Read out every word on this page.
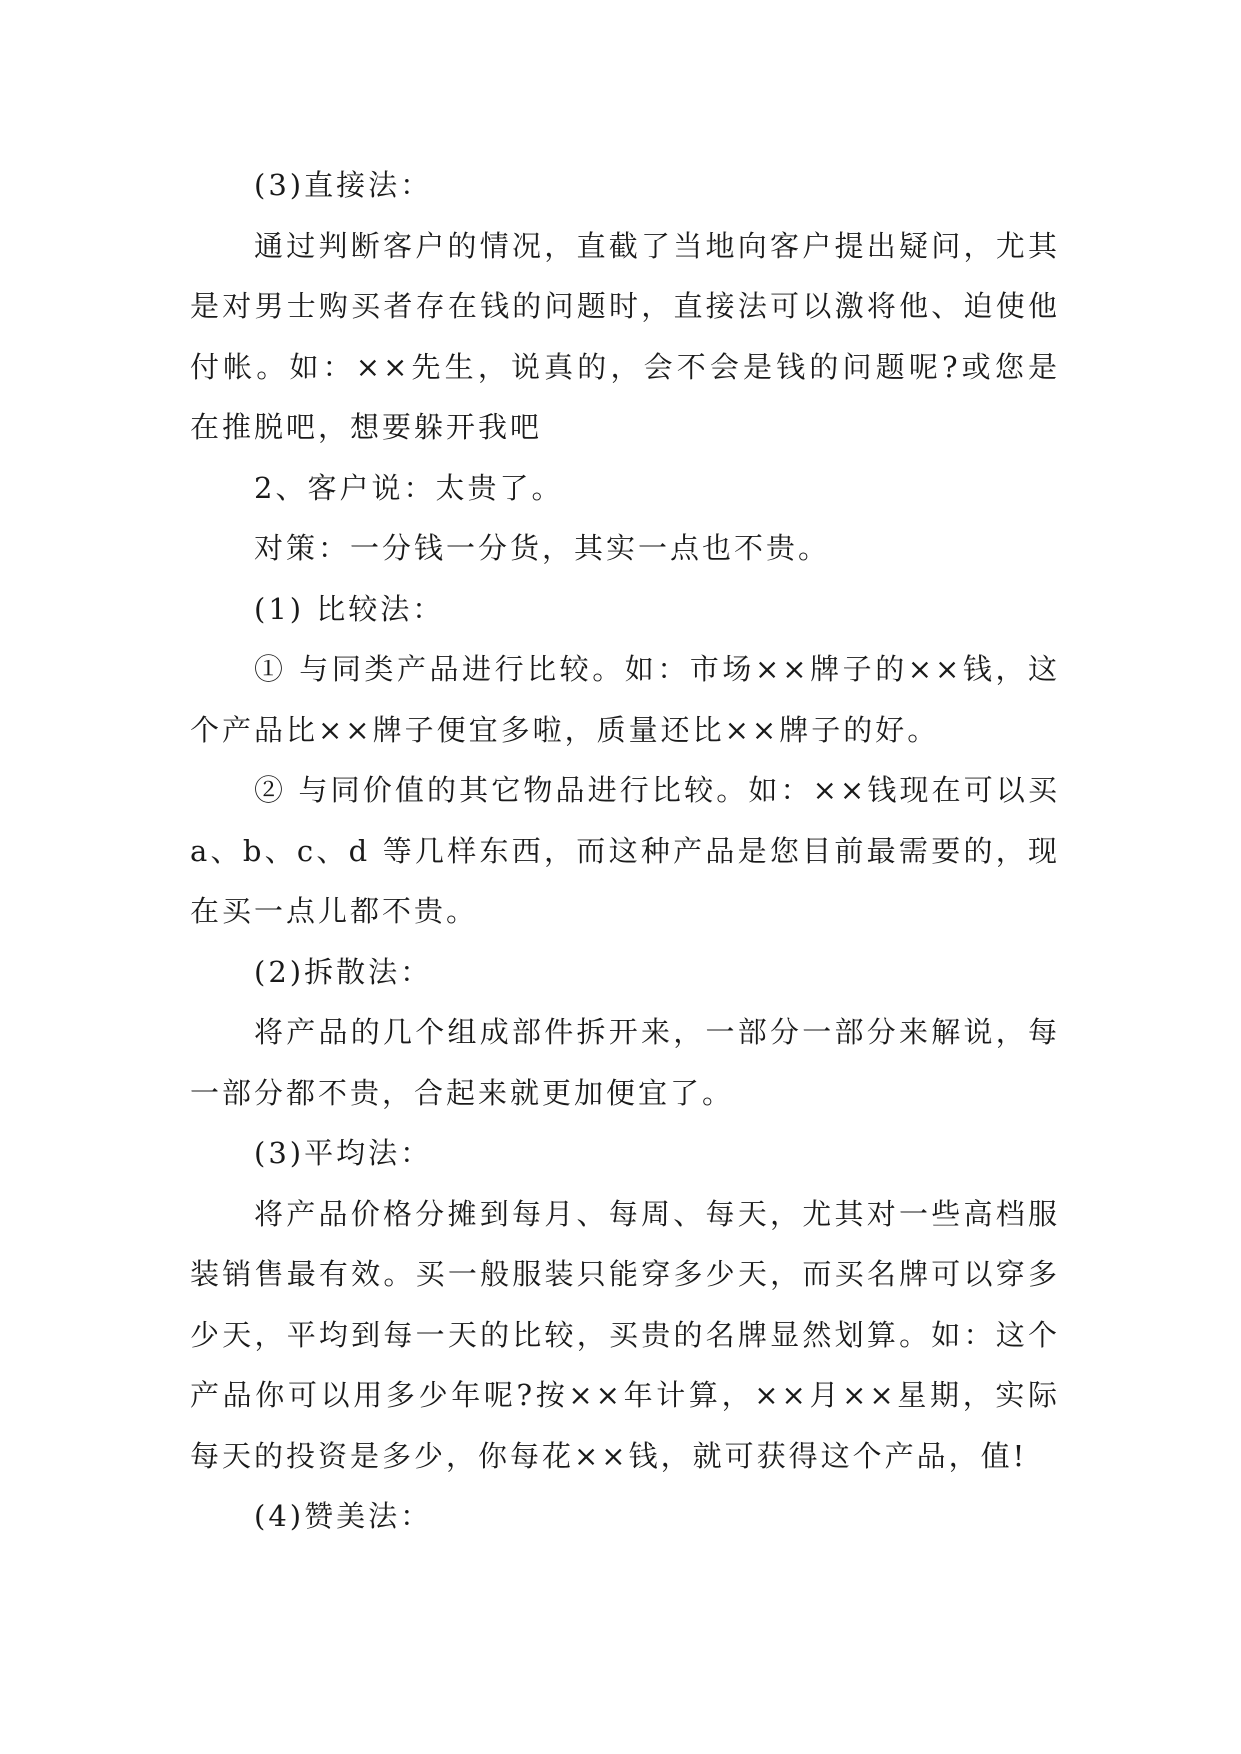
(3)直接法：

通过判断客户的情况，直截了当地向客户提出疑问，尤其是对男士购买者存在钱的问题时，直接法可以激将他、迫使他付帐。如：××先生，说真的，会不会是钱的问题呢?或您是在推脱吧，想要躲开我吧

2、客户说：太贵了。

对策：一分钱一分货，其实一点也不贵。

(1) 比较法：

① 与同类产品进行比较。如：市场××牌子的××钱，这个产品比××牌子便宜多啦，质量还比××牌子的好。

② 与同价值的其它物品进行比较。如：××钱现在可以买 a、b、c、d 等几样东西，而这种产品是您目前最需要的，现在买一点儿都不贵。

(2)拆散法：

将产品的几个组成部件拆开来，一部分一部分来解说，每一部分都不贵，合起来就更加便宜了。

(3)平均法：

将产品价格分摊到每月、每周、每天，尤其对一些高档服装销售最有效。买一般服装只能穿多少天，而买名牌可以穿多少天，平均到每一天的比较，买贵的名牌显然划算。如：这个产品你可以用多少年呢?按××年计算，××月××星期，实际每天的投资是多少，你每花××钱，就可获得这个产品，值!

(4)赞美法：
